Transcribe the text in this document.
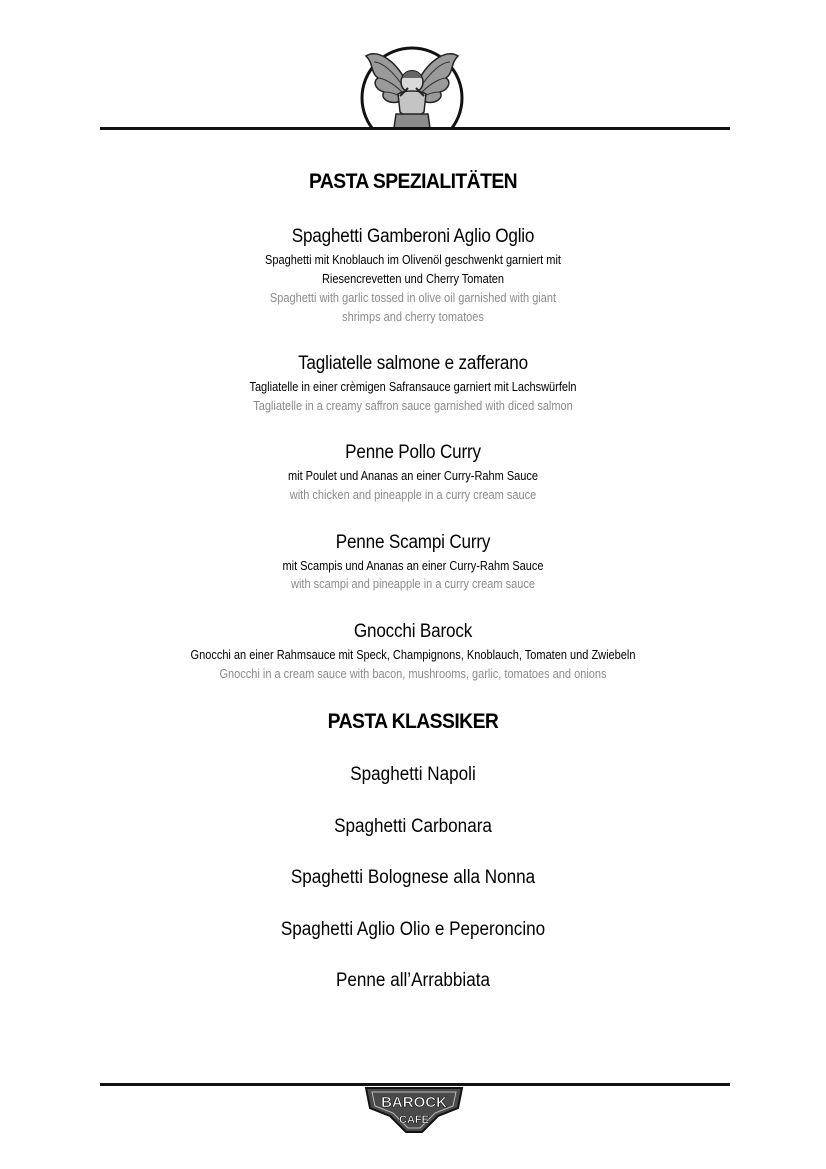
PASTA SPEZIALITÄTEN
Spaghetti Gamberoni Aglio Oglio
Spaghetti mit Knoblauch im Olivenöl geschwenkt garniert mit
Riesencrevetten und Cherry Tomaten
Spaghetti with garlic tossed in olive oil garnished with giant
shrimps and cherry tomatoes
Tagliatelle salmone e zafferano
Tagliatelle in einer crèmigen Safransauce garniert mit Lachswürfeln
Tagliatelle in a creamy saffron sauce garnished with diced salmon
Penne Pollo Curry
mit Poulet und Ananas an einer Curry-Rahm Sauce
with chicken and pineapple in a curry cream sauce
Penne Scampi Curry
mit Scampis und Ananas an einer Curry-Rahm Sauce
with scampi and pineapple in a curry cream sauce
Gnocchi Barock
Gnocchi an einer Rahmsauce mit Speck, Champignons, Knoblauch, Tomaten und Zwiebeln
Gnocchi in a cream sauce with bacon, mushrooms, garlic, tomatoes and onions
PASTA KLASSIKER
Spaghetti Napoli
Spaghetti Carbonara
Spaghetti Bolognese alla Nonna
Spaghetti Aglio Olio e Peperoncino
Penne all’Arrabbiata
BAROCK
CAFE
